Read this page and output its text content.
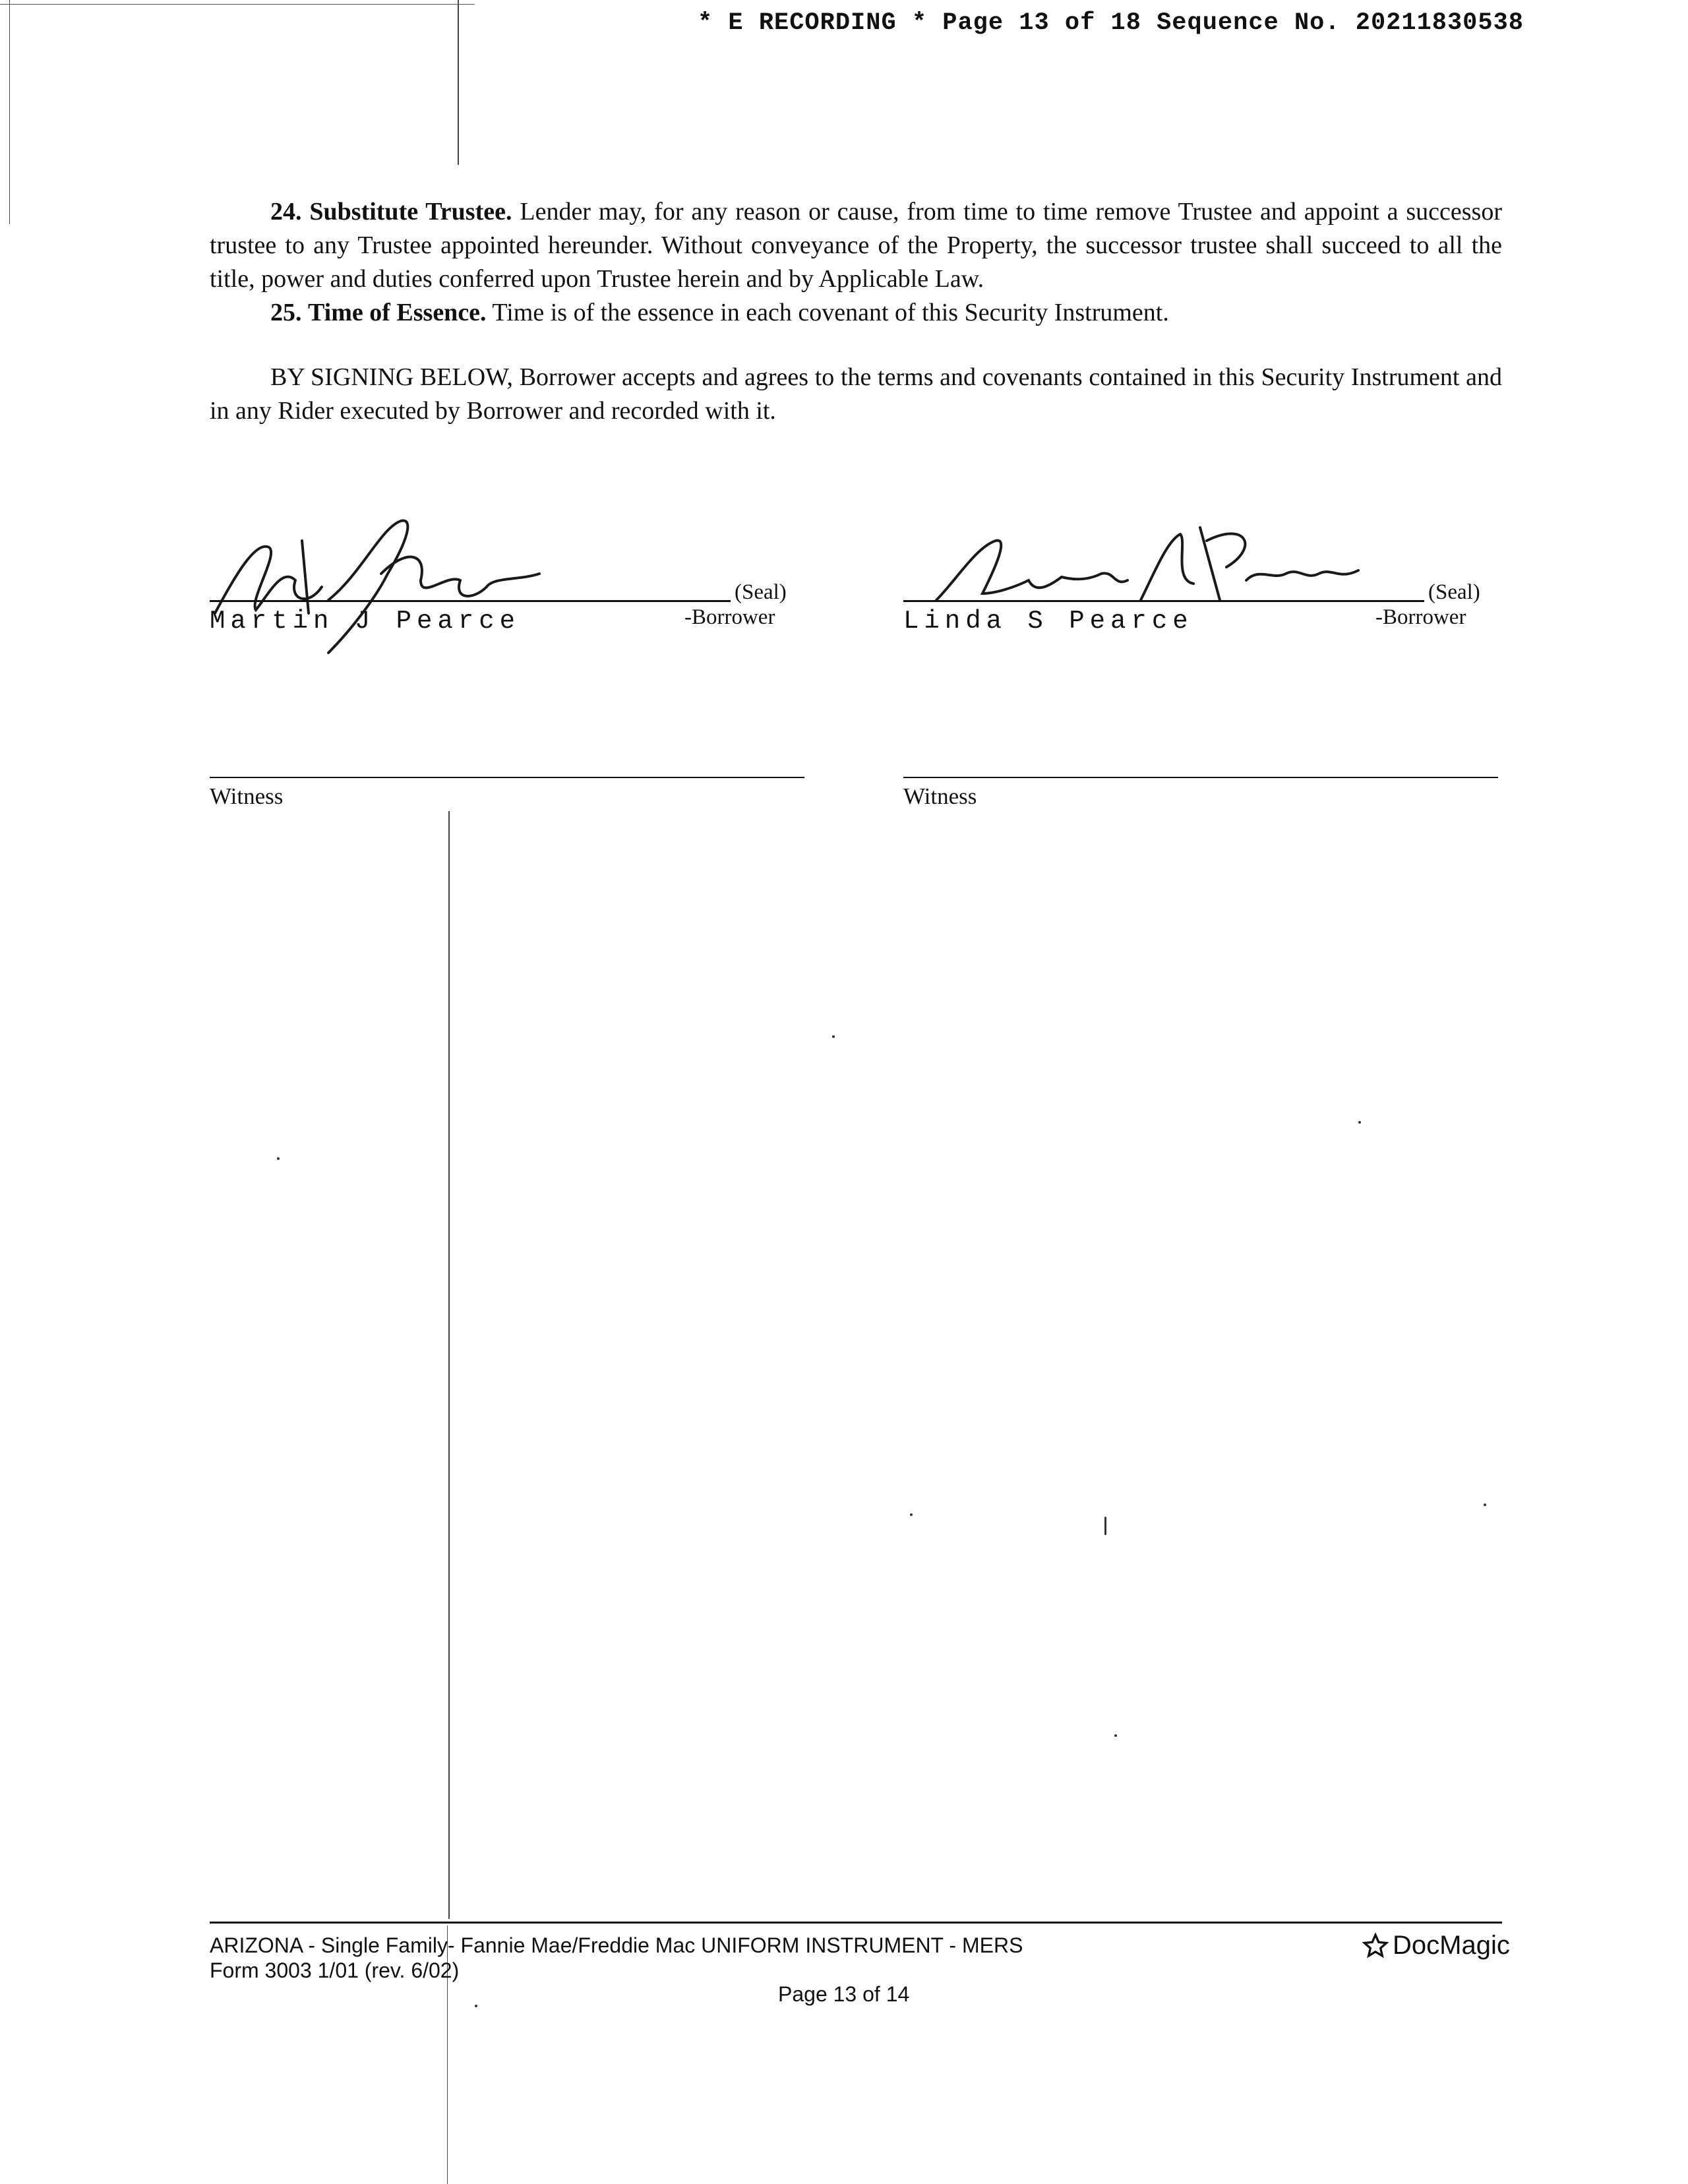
* E RECORDING * Page 13 of 18 Sequence No. 20211830538

24. Substitute Trustee. Lender may, for any reason or cause, from time to time remove Trustee and appoint a successor trustee to any Trustee appointed hereunder. Without conveyance of the Property, the successor trustee shall succeed to all the title, power and duties conferred upon Trustee herein and by Applicable Law.

25. Time of Essence. Time is of the essence in each covenant of this Security Instrument.

BY SIGNING BELOW, Borrower accepts and agrees to the terms and covenants contained in this Security Instrument and in any Rider executed by Borrower and recorded with it.

(Seal)
Martin J Pearce	-Borrower
Witness
(Seal)
Linda S Pearce	-Borrower
Witness
ARIZONA - Single Family- Fannie Mae/Freddie Mac UNIFORM INSTRUMENT - MERS
Form 3003 1/01 (rev. 6/02)
Page 13 of 14
DocMagic
